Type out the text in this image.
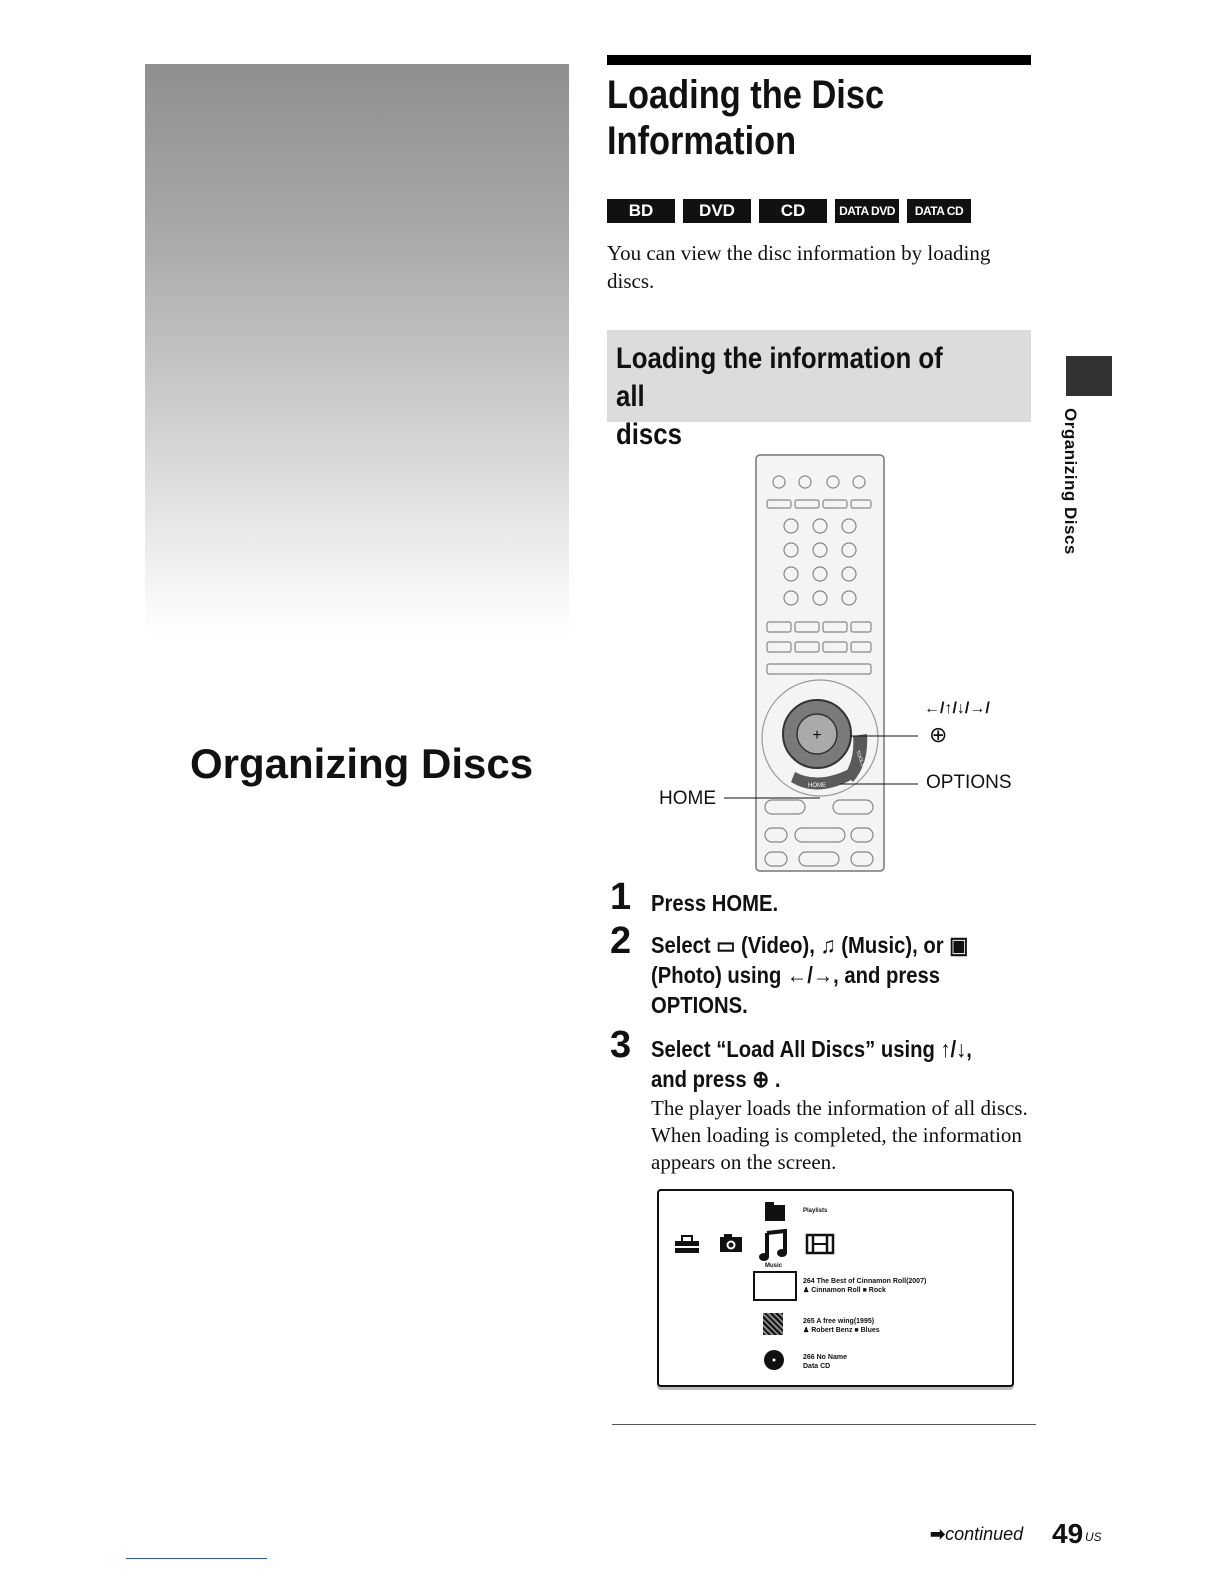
Organizing Discs
Loading the Disc
Information
BD	DVD	CD	DATA DVD	DATA CD
You can view the disc information by loading discs.
Loading the information of all
discs	Organizing Discs
+
HOME
TOOLS
←/↑/↓/→/
⊕
OPTIONS
HOME
1 Press HOME.
2 Select ▭ (Video), ♫ (Music), or ▣
(Photo) using ←/→, and press
OPTIONS.
3 Select “Load All Discs” using ↑/↓,
and press ⊕ .
The player loads the information of all discs. When loading is completed, the information appears on the screen.
Playlists
Music
264 The Best of Cinnamon Roll(2007)
♟ Cinnamon Roll ■ Rock
265 A free wing(1995)
♟ Robert Benz ■ Blues
266 No Name
Data CD
➡continued 49 US
